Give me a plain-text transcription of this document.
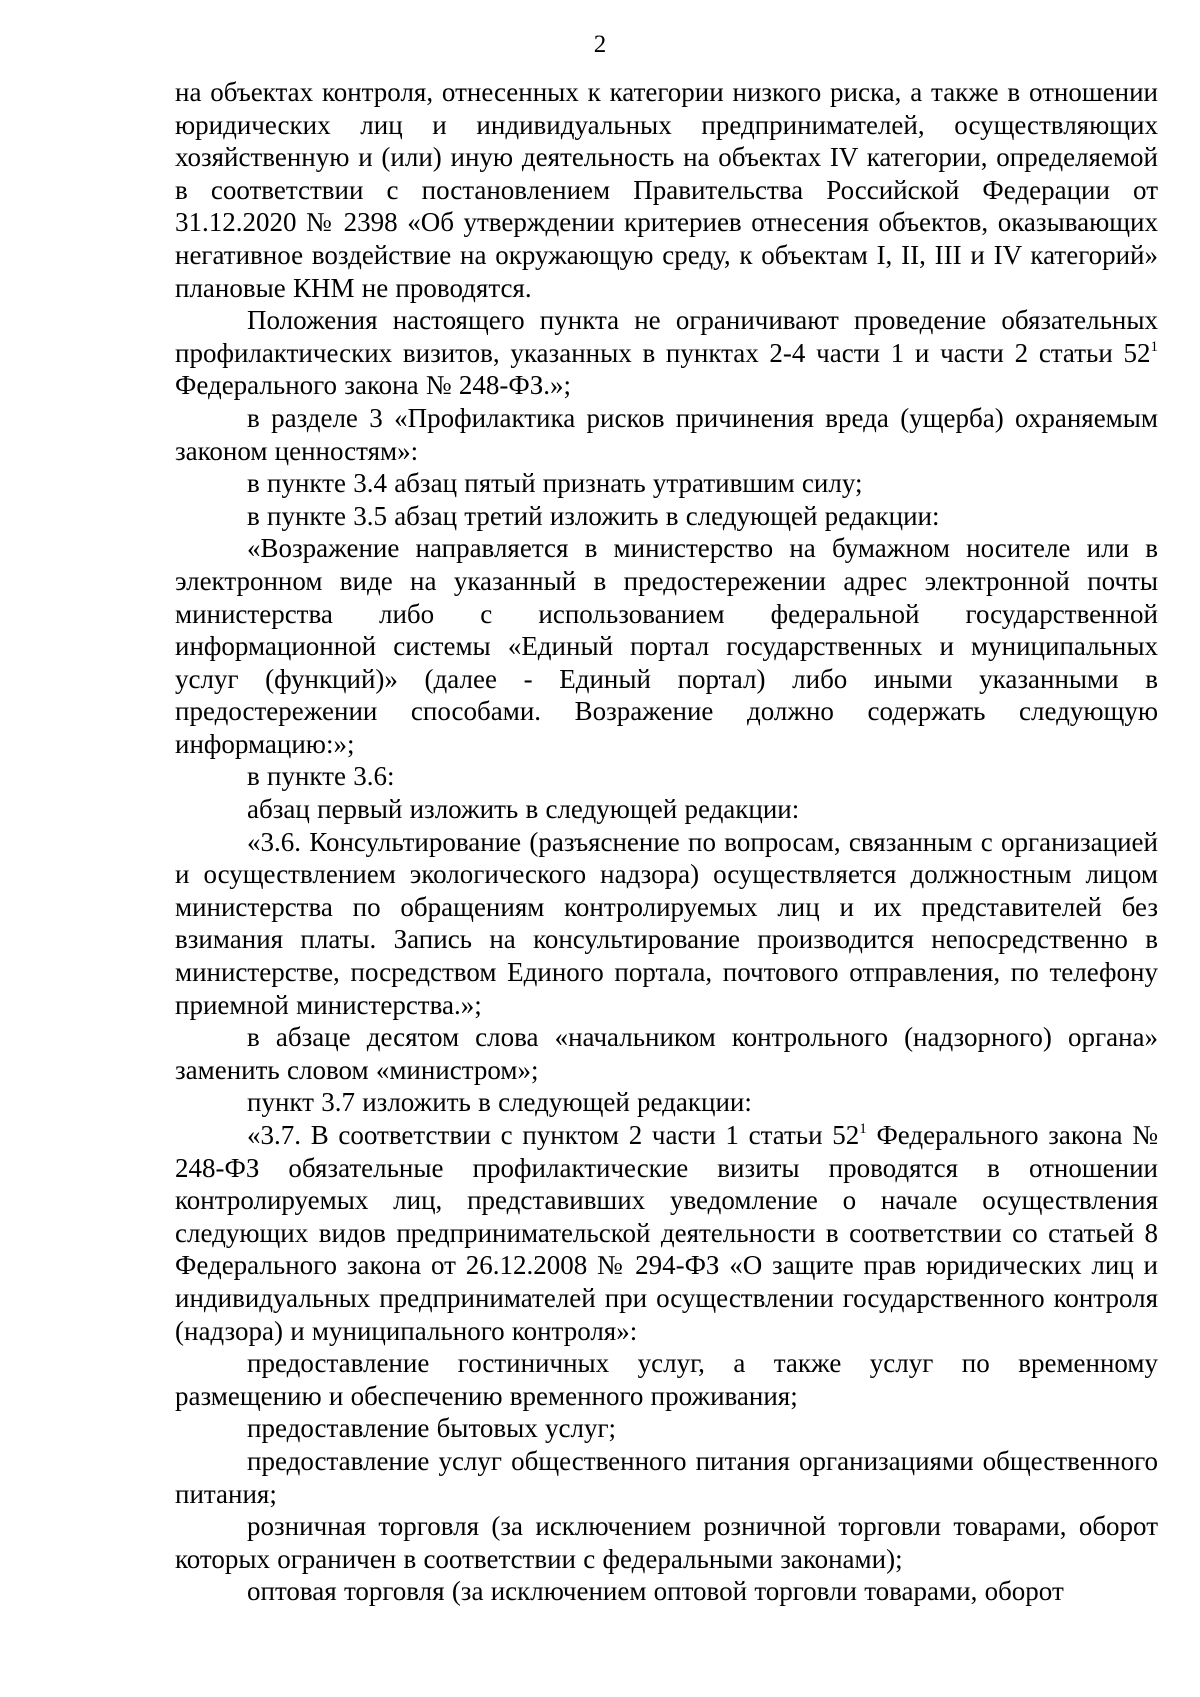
2

на объектах контроля, отнесенных к категории низкого риска, а также в отношении юридических лиц и индивидуальных предпринимателей, осуществляющих хозяйственную и (или) иную деятельность на объектах IV категории, определяемой в соответствии с постановлением Правительства Российской Федерации от 31.12.2020 № 2398 «Об утверждении критериев отнесения объектов, оказывающих негативное воздействие на окружающую среду, к объектам I, II, III и IV категорий» плановые КНМ не проводятся.

Положения настоящего пункта не ограничивают проведение обязательных профилактических визитов, указанных в пунктах 2-4 части 1 и части 2 статьи $52^1$ Федерального закона № 248-ФЗ.»;

в разделе 3 «Профилактика рисков причинения вреда (ущерба) охраняемым законом ценностям»:

в пункте 3.4 абзац пятый признать утратившим силу;

в пункте 3.5 абзац третий изложить в следующей редакции:

«Возражение направляется в министерство на бумажном носителе или в электронном виде на указанный в предостережении адрес электронной почты министерства либо с использованием федеральной государственной информационной системы «Единый портал государственных и муниципальных услуг (функций)» (далее - Единый портал) либо иными указанными в предостережении способами. Возражение должно содержать следующую информацию:»;

в пункте 3.6:

абзац первый изложить в следующей редакции:

«3.6. Консультирование (разъяснение по вопросам, связанным с организацией и осуществлением экологического надзора) осуществляется должностным лицом министерства по обращениям контролируемых лиц и их представителей без взимания платы. Запись на консультирование производится непосредственно в министерстве, посредством Единого портала, почтового отправления, по телефону приемной министерства.»;

в абзаце десятом слова «начальником контрольного (надзорного) органа» заменить словом «министром»;

пункт 3.7 изложить в следующей редакции:

«3.7. В соответствии с пунктом 2 части 1 статьи $52^1$ Федерального закона № 248-ФЗ обязательные профилактические визиты проводятся в отношении контролируемых лиц, представивших уведомление о начале осуществления следующих видов предпринимательской деятельности в соответствии со статьей 8 Федерального закона от 26.12.2008 № 294-ФЗ «О защите прав юридических лиц и индивидуальных предпринимателей при осуществлении государственного контроля (надзора) и муниципального контроля»:

предоставление гостиничных услуг, а также услуг по временному размещению и обеспечению временного проживания;

предоставление бытовых услуг;

предоставление услуг общественного питания организациями общественного питания;

розничная торговля (за исключением розничной торговли товарами, оборот которых ограничен в соответствии с федеральными законами);

оптовая торговля (за исключением оптовой торговли товарами, оборот
